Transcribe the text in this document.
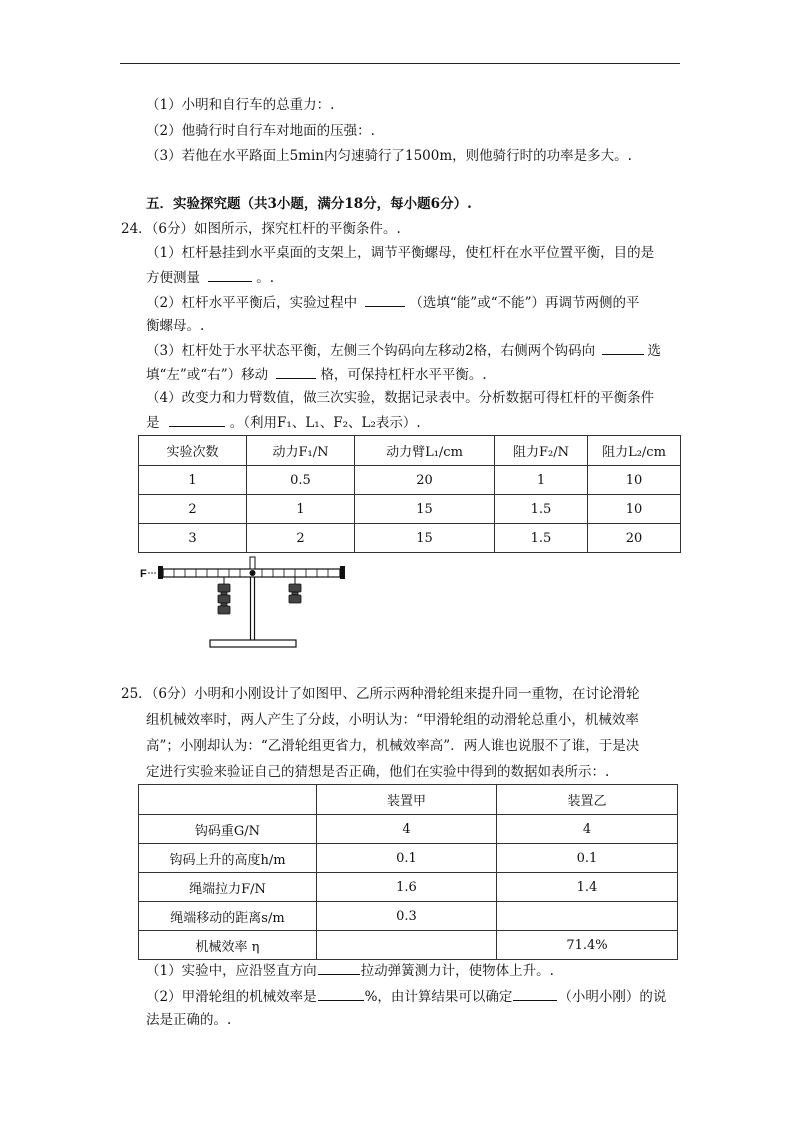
（1）小明和自行车的总重力：.
（2）他骑行时自行车对地面的压强：.
（3）若他在水平路面上5min内匀速骑行了1500m，则他骑行时的功率是多大。.
五．实验探究题（共3小题，满分18分，每小题6分）.
24．（6分）如图所示，探究杠杆的平衡条件。.
（1）杠杆悬挂到水平桌面的支架上，调节平衡螺母，使杠杆在水平位置平衡，目的是
方便测量	。.
（2）杠杆水平平衡后，实验过程中	（选填“能”或“不能”）再调节两侧的平
衡螺母。.
（3）杠杆处于水平状态平衡，左侧三个钩码向左移动2格，右侧两个钩码向	选
填“左”或“右”）移动	格，可保持杠杆水平平衡。.
（4）改变力和力臂数值，做三次实验，数据记录表中。分析数据可得杠杆的平衡条件
是	。（利用F₁、L₁、F₂、L₂表示）.
实验次数	动力F₁/N	动力臂L₁/cm	阻力F₂/N	阻力L₂/cm
1	0.5	20	1	10
2	1	15	1.5	10
3	2	15	1.5	20
F
25．（6分）小明和小刚设计了如图甲、乙所示两种滑轮组来提升同一重物，在讨论滑轮
组机械效率时，两人产生了分歧，小明认为：“甲滑轮组的动滑轮总重小，机械效率
高”；小刚却认为：“乙滑轮组更省力，机械效率高”．两人谁也说服不了谁，于是决
定进行实验来验证自己的猜想是否正确，他们在实验中得到的数据如表所示：.
	装置甲	装置乙
钩码重G/N	4	4
钩码上升的高度h/m	0.1	0.1
绳端拉力F/N	1.6	1.4
绳端移动的距离s/m	0.3	
机械效率 η		71.4%
（1）实验中，应沿竖直方向	拉动弹簧测力计，使物体上升。.
（2）甲滑轮组的机械效率是	%，由计算结果可以确定	（小明小刚）的说
法是正确的。.
